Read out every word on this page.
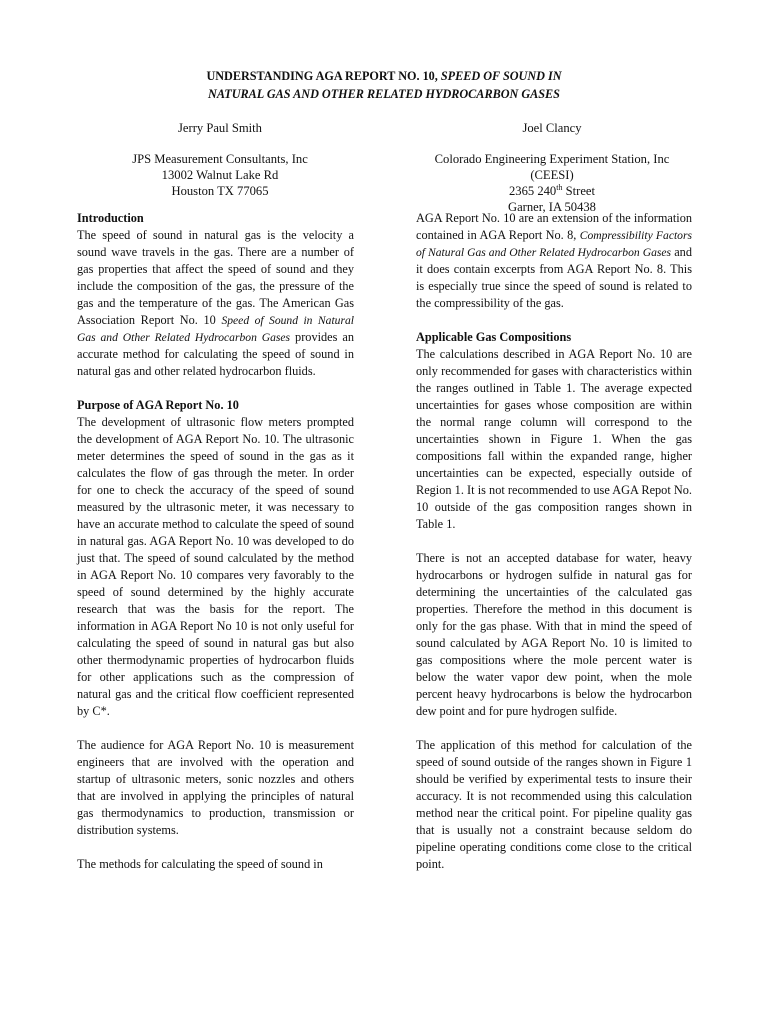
UNDERSTANDING AGA REPORT NO. 10, SPEED OF SOUND IN
NATURAL GAS AND OTHER RELATED HYDROCARBON GASES
Jerry Paul Smith
JPS Measurement Consultants, Inc
13002 Walnut Lake Rd
Houston TX 77065
Joel Clancy
Colorado Engineering Experiment Station, Inc (CEESI)
2365 240th Street
Garner, IA 50438

Introduction

The speed of sound in natural gas is the velocity a sound wave travels in the gas. There are a number of gas properties that affect the speed of sound and they include the composition of the gas, the pressure of the gas and the temperature of the gas. The American Gas Association Report No. 10 Speed of Sound in Natural Gas and Other Related Hydrocarbon Gases provides an accurate method for calculating the speed of sound in natural gas and other related hydrocarbon fluids.

Purpose of AGA Report No. 10

The development of ultrasonic flow meters prompted the development of AGA Report No. 10. The ultrasonic meter determines the speed of sound in the gas as it calculates the flow of gas through the meter. In order for one to check the accuracy of the speed of sound measured by the ultrasonic meter, it was necessary to have an accurate method to calculate the speed of sound in natural gas. AGA Report No. 10 was developed to do just that. The speed of sound calculated by the method in AGA Report No. 10 compares very favorably to the speed of sound determined by the highly accurate research that was the basis for the report. The information in AGA Report No 10 is not only useful for calculating the speed of sound in natural gas but also other thermodynamic properties of hydrocarbon fluids for other applications such as the compression of natural gas and the critical flow coefficient represented by C*.

The audience for AGA Report No. 10 is measurement engineers that are involved with the operation and startup of ultrasonic meters, sonic nozzles and others that are involved in applying the principles of natural gas thermodynamics to production, transmission or distribution systems.

The methods for calculating the speed of sound in

AGA Report No. 10 are an extension of the information contained in AGA Report No. 8, Compressibility Factors of Natural Gas and Other Related Hydrocarbon Gases and it does contain excerpts from AGA Report No. 8. This is especially true since the speed of sound is related to the compressibility of the gas.

Applicable Gas Compositions

The calculations described in AGA Report No. 10 are only recommended for gases with characteristics within the ranges outlined in Table 1. The average expected uncertainties for gases whose composition are within the normal range column will correspond to the uncertainties shown in Figure 1. When the gas compositions fall within the expanded range, higher uncertainties can be expected, especially outside of Region 1. It is not recommended to use AGA Repot No. 10 outside of the gas composition ranges shown in Table 1.

There is not an accepted database for water, heavy hydrocarbons or hydrogen sulfide in natural gas for determining the uncertainties of the calculated gas properties. Therefore the method in this document is only for the gas phase. With that in mind the speed of sound calculated by AGA Report No. 10 is limited to gas compositions where the mole percent water is below the water vapor dew point, when the mole percent heavy hydrocarbons is below the hydrocarbon dew point and for pure hydrogen sulfide.

The application of this method for calculation of the speed of sound outside of the ranges shown in Figure 1 should be verified by experimental tests to insure their accuracy. It is not recommended using this calculation method near the critical point. For pipeline quality gas that is usually not a constraint because seldom do pipeline operating conditions come close to the critical point.
